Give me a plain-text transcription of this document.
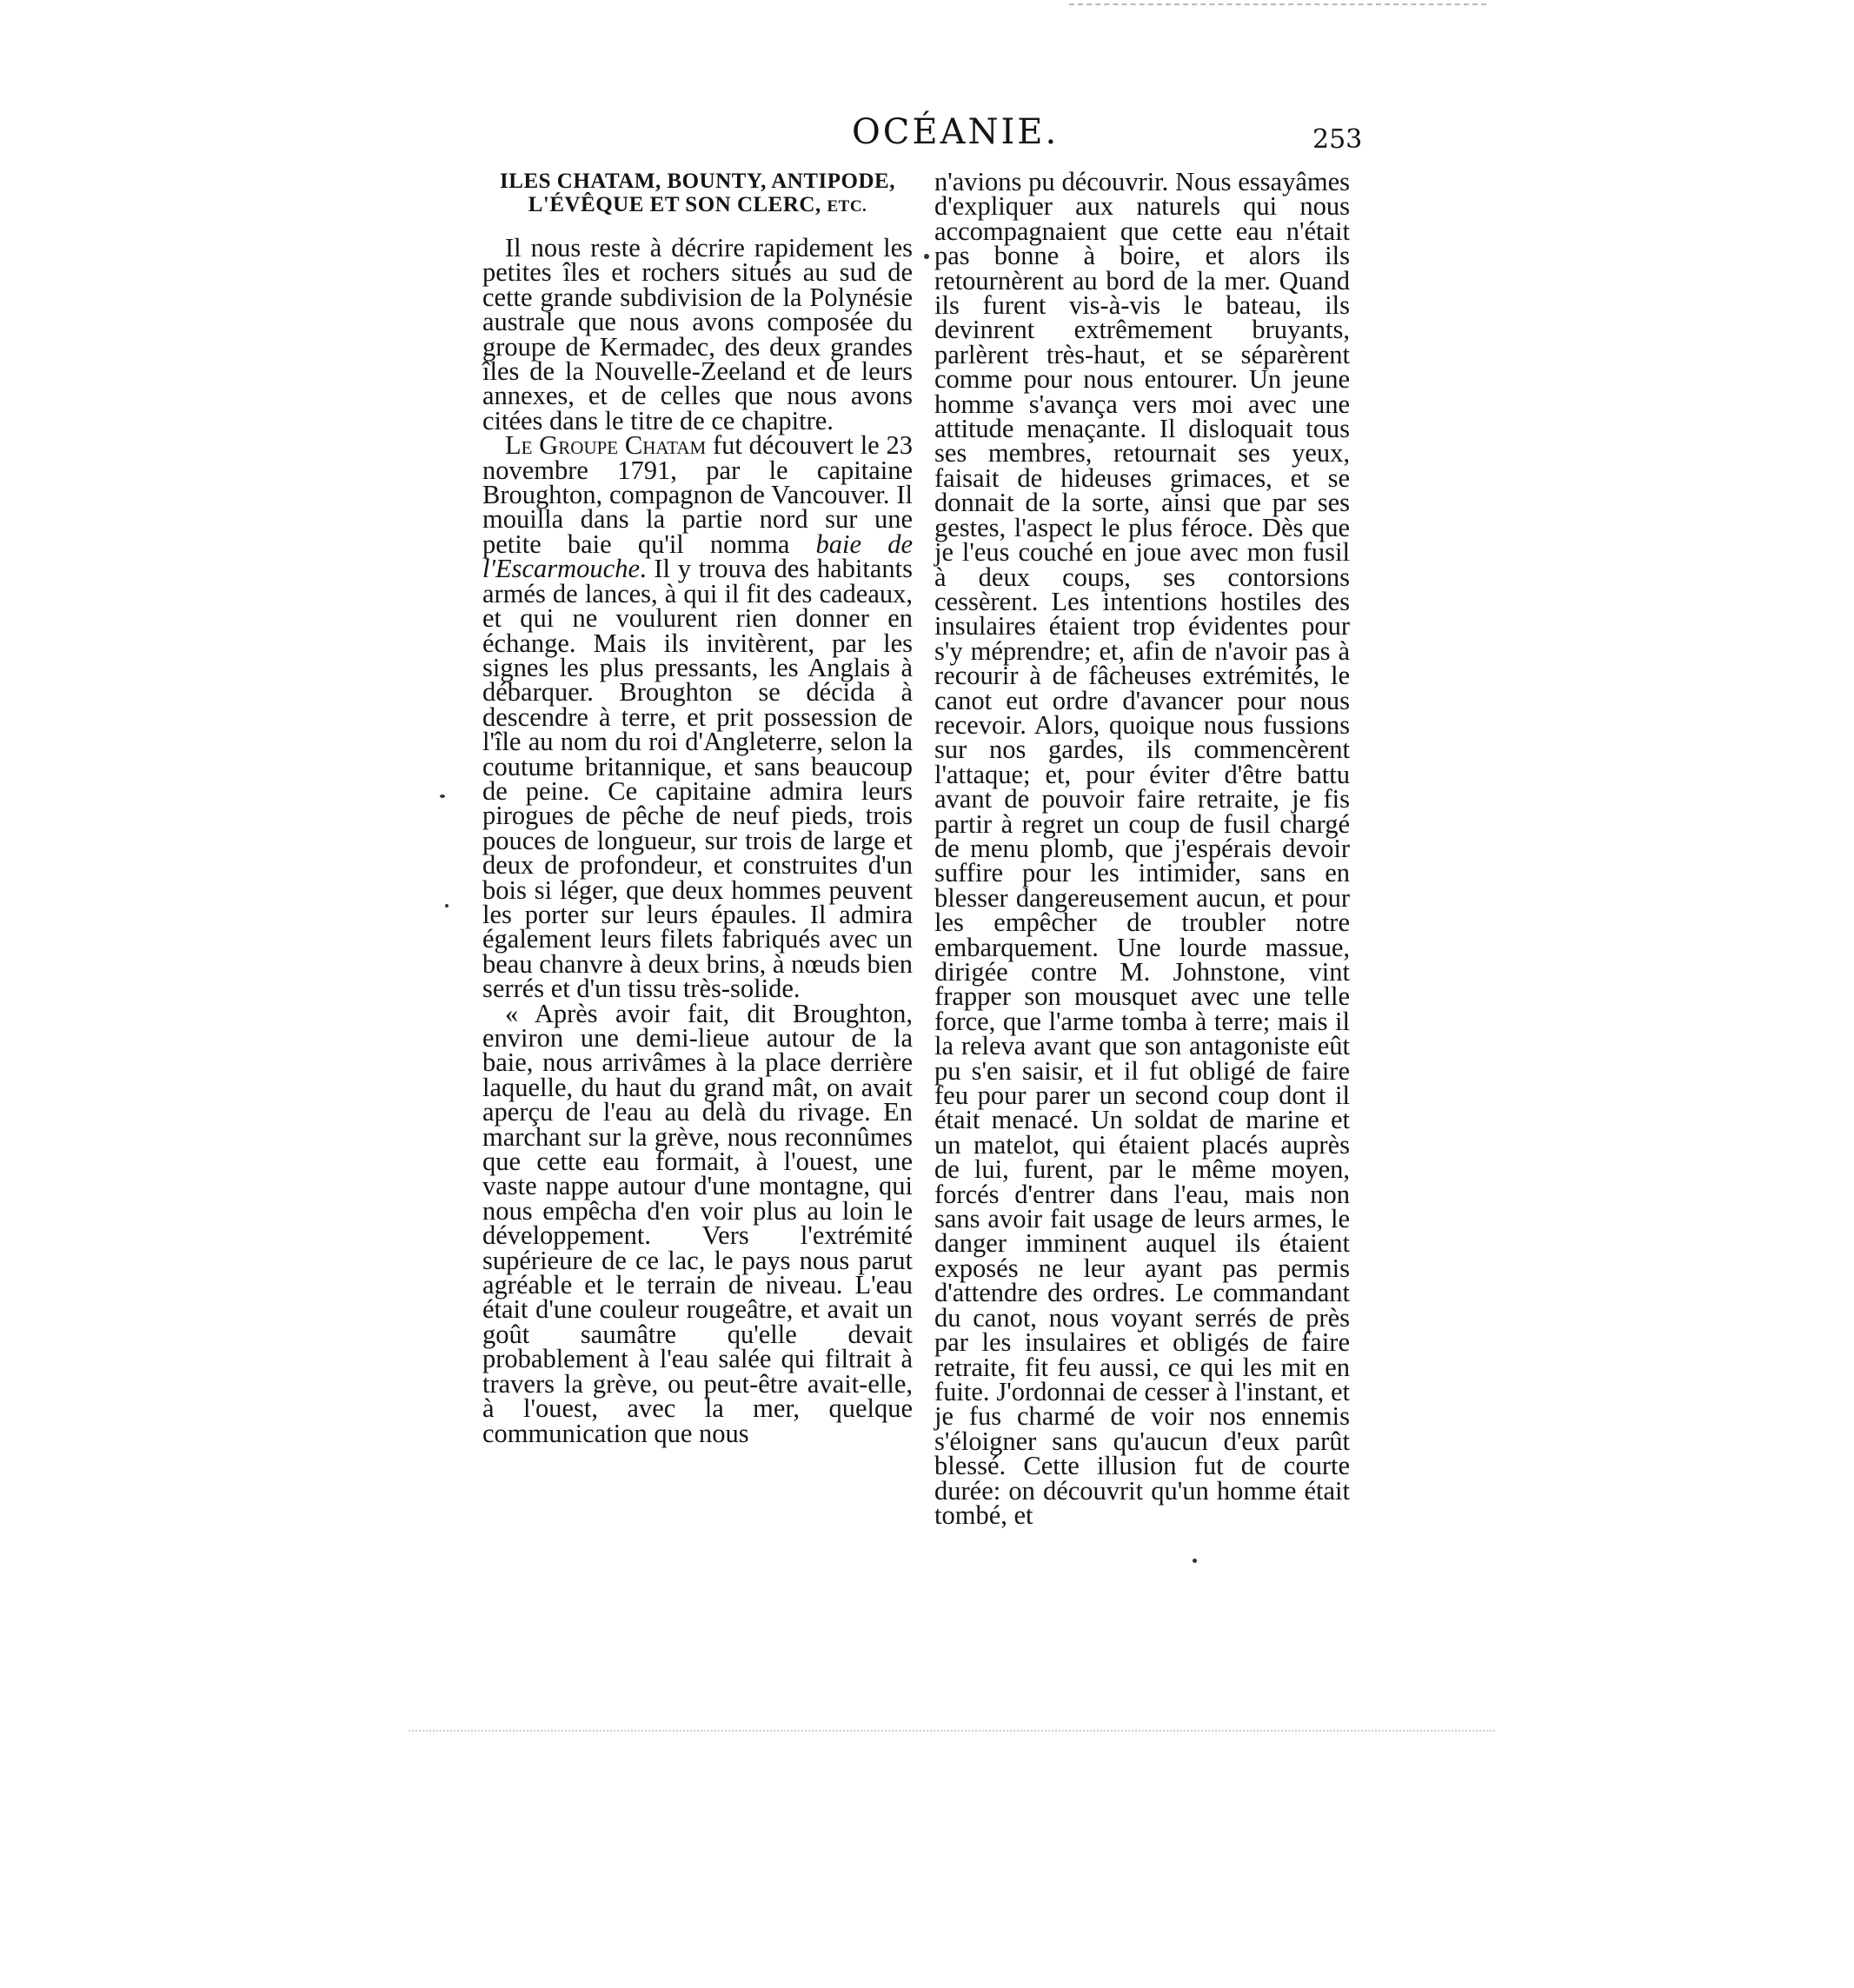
OCÉANIE.	253
ILES CHATAM, BOUNTY, ANTIPODE,
L'ÉVÊQUE ET SON CLERC, ETC.

Il nous reste à décrire rapidement les petites îles et rochers situés au sud de cette grande subdivision de la Polynésie australe que nous avons composée du groupe de Kermadec, des deux grandes îles de la Nouvelle-Zeeland et de leurs annexes, et de celles que nous avons citées dans le titre de ce chapitre.

Le Groupe Chatam fut découvert le 23 novembre 1791, par le capitaine Broughton, compagnon de Vancouver. Il mouilla dans la partie nord sur une petite baie qu'il nomma baie de l'Escarmouche. Il y trouva des habitants armés de lances, à qui il fit des cadeaux, et qui ne voulurent rien donner en échange. Mais ils invitèrent, par les signes les plus pressants, les Anglais à débarquer. Broughton se décida à descendre à terre, et prit possession de l'île au nom du roi d'Angleterre, selon la coutume britannique, et sans beaucoup de peine. Ce capitaine admira leurs pirogues de pêche de neuf pieds, trois pouces de longueur, sur trois de large et deux de profondeur, et construites d'un bois si léger, que deux hommes peuvent les porter sur leurs épaules. Il admira également leurs filets fabriqués avec un beau chanvre à deux brins, à nœuds bien serrés et d'un tissu très-solide.

« Après avoir fait, dit Broughton, environ une demi-lieue autour de la baie, nous arrivâmes à la place derrière laquelle, du haut du grand mât, on avait aperçu de l'eau au delà du rivage. En marchant sur la grève, nous reconnûmes que cette eau formait, à l'ouest, une vaste nappe autour d'une montagne, qui nous empêcha d'en voir plus au loin le développement. Vers l'extrémité supérieure de ce lac, le pays nous parut agréable et le terrain de niveau. L'eau était d'une couleur rougeâtre, et avait un goût saumâtre qu'elle devait probablement à l'eau salée qui filtrait à travers la grève, ou peut-être avait-elle, à l'ouest, avec la mer, quelque communication que nous

n'avions pu découvrir. Nous essayâmes d'expliquer aux naturels qui nous accompagnaient que cette eau n'était pas bonne à boire, et alors ils retournèrent au bord de la mer. Quand ils furent vis-à-vis le bateau, ils devinrent extrêmement bruyants, parlèrent très-haut, et se séparèrent comme pour nous entourer. Un jeune homme s'avança vers moi avec une attitude menaçante. Il disloquait tous ses membres, retournait ses yeux, faisait de hideuses grimaces, et se donnait de la sorte, ainsi que par ses gestes, l'aspect le plus féroce. Dès que je l'eus couché en joue avec mon fusil à deux coups, ses contorsions cessèrent. Les intentions hostiles des insulaires étaient trop évidentes pour s'y méprendre; et, afin de n'avoir pas à recourir à de fâcheuses extrémités, le canot eut ordre d'avancer pour nous recevoir. Alors, quoique nous fussions sur nos gardes, ils commencèrent l'attaque; et, pour éviter d'être battu avant de pouvoir faire retraite, je fis partir à regret un coup de fusil chargé de menu plomb, que j'espérais devoir suffire pour les intimider, sans en blesser dangereusement aucun, et pour les empêcher de troubler notre embarquement. Une lourde massue, dirigée contre M. Johnstone, vint frapper son mousquet avec une telle force, que l'arme tomba à terre; mais il la releva avant que son antagoniste eût pu s'en saisir, et il fut obligé de faire feu pour parer un second coup dont il était menacé. Un soldat de marine et un matelot, qui étaient placés auprès de lui, furent, par le même moyen, forcés d'entrer dans l'eau, mais non sans avoir fait usage de leurs armes, le danger imminent auquel ils étaient exposés ne leur ayant pas permis d'attendre des ordres. Le commandant du canot, nous voyant serrés de près par les insulaires et obligés de faire retraite, fit feu aussi, ce qui les mit en fuite. J'ordonnai de cesser à l'instant, et je fus charmé de voir nos ennemis s'éloigner sans qu'aucun d'eux parût blessé. Cette illusion fut de courte durée: on découvrit qu'un homme était tombé, et
